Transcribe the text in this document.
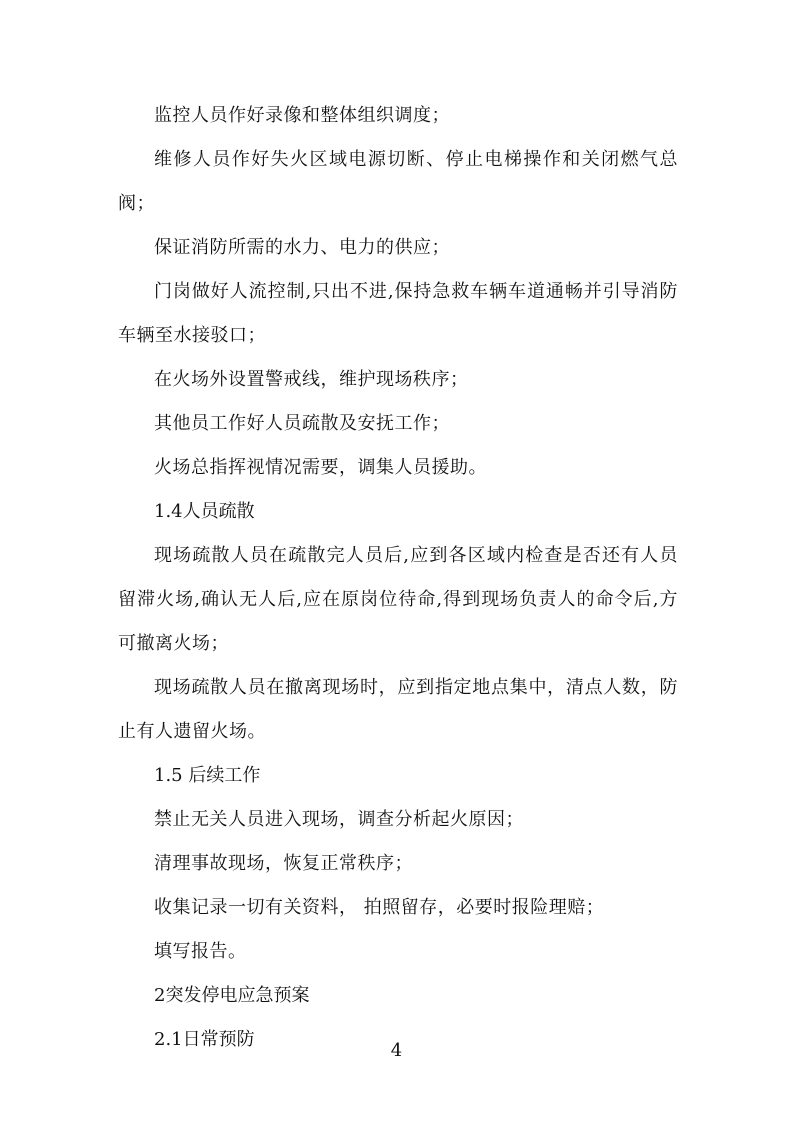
监控人员作好录像和整体组织调度；

维修人员作好失火区域电源切断、停止电梯操作和关闭燃气总阀；

保证消防所需的水力、电力的供应；

门岗做好人流控制,只出不进,保持急救车辆车道通畅并引导消防车辆至水接驳口；

在火场外设置警戒线，维护现场秩序；

其他员工作好人员疏散及安抚工作；

火场总指挥视情况需要，调集人员援助。

1.4人员疏散

现场疏散人员在疏散完人员后,应到各区域内检查是否还有人员留滞火场,确认无人后,应在原岗位待命,得到现场负责人的命令后,方可撤离火场；

现场疏散人员在撤离现场时，应到指定地点集中，清点人数，防止有人遗留火场。

1.5 后续工作

禁止无关人员进入现场，调查分析起火原因；

清理事故现场，恢复正常秩序；

收集记录一切有关资料， 拍照留存，必要时报险理赔；

填写报告。

2突发停电应急预案

2.1日常预防

4
